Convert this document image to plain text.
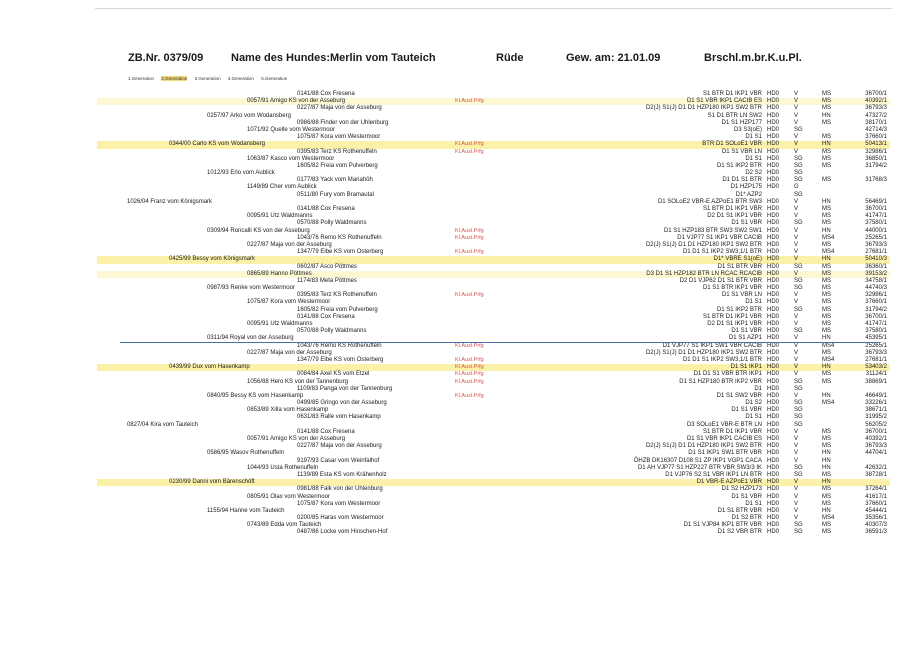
ZB.Nr. 0379/09	Name des Hundes: Merlin vom Tauteich	Rüde	Gew. am: 21.01.09	Brschl.m.br.K.u.Pl.
1.Generation 2.Generation 3.Generation 4.Generation 5.Generation
0141/88 Cox Fresena	S1 BTR D1 IKP1 VBR HD0 V	MS	36700/1
0057/91 Amigo KS von der Asseburg	Kl.Ausl.Prfg	D1 S1 VBR IKP1 CACIB ES HD0 V	MS	40392/1
0227/87 Maja von der Asseburg	D2(J) S1(J) D1 D1 HZP180 IKP1 SW2 BTR HD0 V	MS	36793/3
0257/97 Arko vom Wodansberg	S1 D1 BTR LN SW2 HD0 V	HN	47327/2
0986/88 Finder von der Uhlenburg	D1 S1 HZP177 HD0 V	MS	38170/1
1071/92 Quelle vom Westermoor	D3 S3(oE) HD0 SG	42714/3
1075/87 Kora vom Westermoor	D1 S1 HD0 V	MS	37660/1
0344/00 Carlo KS vom Wodansberg	Kl.Ausl.Prfg	BTR D1 SOLoE1 VBR HD0 V	HN	50413/1
0395/83 Terz KS Rothenuffeln	Kl.Ausl.Prfg	D1 S1 VBR LN HD0 V	MS	32986/1
1063/87 Kasco vom Westermoor	D1 S1 HD0 SG	MS	36850/1
1605/82 Freia vom Pulverberg	D1 S1 IKP2 BTR HD0 SG	MS	31794/2
1012/93 Erlo vom Aublick	D2 S2 HD0 SG
0177/83 Yack vom Mariahöh	D1 D1 S1 BTR HD0 SG	MS	31768/3
1149/89 Cher vom Aublick	D1 HZP175 HD0 G
0511/80 Fury vom Bramautal	D1* AZP2	SG
1026/04 Franz vom Königsmark	D1 SOLoE2 VBR-E AZPoE1 BTR SW3 HD0 V	HN	56469/1
0141/88 Cox Fresena	S1 BTR D1 IKP1 VBR HD0 V	MS	36700/1
0095/91 Utz Waldmanns	D2 D1 S1 IKP1 VBR HD0 V	MS	41747/1
0570/88 Polly Waldmanns	D1 S1 VBR HD0 SG	MS	37580/1
0309/94 Roncalli KS von der Asseburg	Kl.Ausl.Prfg	D1 S1 HZP183 BTR SW3 SW2 SW1 HD0 V	HN	44000/1
1043/76 Remo KS Rothenuffeln	Kl.Ausl.Prfg	D1 VJP77 S1 IKP1 VBR CACIB HD0 V	MS4	25265/1
0227/87 Maja von der Asseburg	D2(J) S1(J) D1 D1 HZP180 IKP1 SW2 BTR HD0 V	MS	36793/3
1347/79 Elbe KS vom Osterberg	Kl.Ausl.Prfg	D1 D1 S1 IKP2 SW3,1/1 BTR HD0 V	MS4	27681/1
0425/99 Bessy vom Königsmark	D1* VBRE S1(oE) HD0 V	HN	50410/3
0602/87 Asco Pöttmes	D1 S1 BTR VBR HD0 SG	MS	36360/1
0865/89 Hanno Pöttmes	D3 D1 S1 HZP182 BTR LN RCAC RCACIB HD0 V	MS	39153/2
1174/83 Meta Pöttmes	D2 D1 VJP62 D1 S1 BTR VBR HD0 SG	MS	34758/1
0987/93 Renke vom Westermoor	D1 S1 BTR IKP1 VBR HD0 SG	MS	44740/3
0395/83 Terz KS Rothenuffeln	Kl.Ausl.Prfg	D1 S1 VBR LN HD0 V	MS	32986/1
1075/87 Kora vom Westermoor	D1 S1 HD0 V	MS	37660/1
1605/82 Freia vom Pulverberg	D1 S1 IKP2 BTR HD0 SG	MS	31794/2
0141/88 Cox Fresena	S1 BTR D1 IKP1 VBR HD0 V	MS	36700/1
0095/91 Utz Waldmanns	D2 D1 S1 IKP1 VBR HD0 V	MS	41747/1
0570/88 Polly Waldmanns	D1 S1 VBR HD0 SG	MS	37580/1
0311/94 Royal von der Asseburg	D1 S1 AZP1 HD0 V	HN	45395/1
1043/76 Remo KS Rothenuffeln	Kl.Ausl.Prfg	D1 VJP77 S1 IKP1 SW1 VBR CACIB HD0 V	MS4	25265/1
0227/87 Maja von der Asseburg	D2(J) S1(J) D1 D1 HZP180 IKP1 SW2 BTR HD0 V	MS	36793/3
1347/79 Elbe KS vom Osterberg	Kl.Ausl.Prfg	D1 D1 S1 IKP2 SW3,1/1 BTR HD0 V	MS4	27681/1
0439/99 Dux vom Hasenkamp	Kl.Ausl.Prfg	D1 S1 IKP1 HD0 V	HN	53403/2
0084/84 Axel KS vom Etzel	Kl.Ausl.Prfg	D1 D1 S1 VBR BTR IKP1 HD0 V	MS	31124/1
1056/88 Hero KS von der Tannenburg	Kl.Ausl.Prfg	D1 S1 HZP180 BTR IKP2 VBR HD0 SG	MS	38869/1
1109/83 Panga von der Tannenburg	D1 HD0 SG
0840/95 Bessy KS vom Hasenkamp	Kl.Ausl.Prfg	D1 S1 SW2 VBR HD0 V	HN	46649/1
0499/85 Gringo von der Asseburg	D1 S2 HD0 SG	MS4	33226/1
0853/89 Xilla vom Hasenkamp	D1 S1 VBR HD0 SG	38671/1
0631/83 Ralle vom Hasenkamp	D1 S1 HD0 SG	31995/2
0827/04 Kira vom Tauteich	D3 SOLoE1 VBR-E BTR LN HD0 SG	56205/2
0141/88 Cox Fresena	S1 BTR D1 IKP1 VBR HD0 V	MS	36700/1
0057/91 Amigo KS von der Asseburg	D1 S1 VBR IKP1 CACIB ES HD0 V	MS	40392/1
0227/87 Maja von der Asseburg	D2(J) S1(J) D1 D1 HZP180 IKP1 SW2 BTR HD0 V	MS	36793/3
0586/95 Wasov Rothenuffeln	D1 S1 IKP1 SW1 BTR VBR HD0 V	HN	44704/1
9197/93 Casar vom Weinfalhof	ÖHZB DK16307 D108 S1 ZP IKP1 VGP1 CACA HD0 V	HN
1044/93 Usta Rothenuffeln	D1 AH VJP77 S1 HZP227 BTR VBR SW3/3 IK HD0 SG	HN	42632/1
1139/89 Esta KS vom Krähenholz	D1 VJP76 S2 S1 VBR IKP1 LN BTR HD0 SG	MS	38728/1
0230/99 Danni vom Bärenschöft	D1 VBR-E AZPoE1 VBR HD0 V	HN
0981/88 Falk von der Uhlenburg	D1 S2 HZP173 HD0 V	MS	37264/1
0805/91 Olax vom Westermoor	D1 S1 VBR HD0 V	MS	41617/1
1075/87 Kora vom Westermoor	D1 S1 HD0 V	MS	37660/1
1155/94 Hanne vom Tauteich	D1 S1 BTR VBR HD0 V	HN	45444/1
0200/85 Haras vom Westermoor	D1 S2 BTR HD0 V	MS4	35356/1
0743/89 Edda vom Tauteich	D1 S1 VJP84 IKP1 BTR VBR HD0 SG	MS	40307/3
0487/86 Locke vom Hinschen-Hof	D1 S2 VBR BTR HD0 SG	MS	36591/3
